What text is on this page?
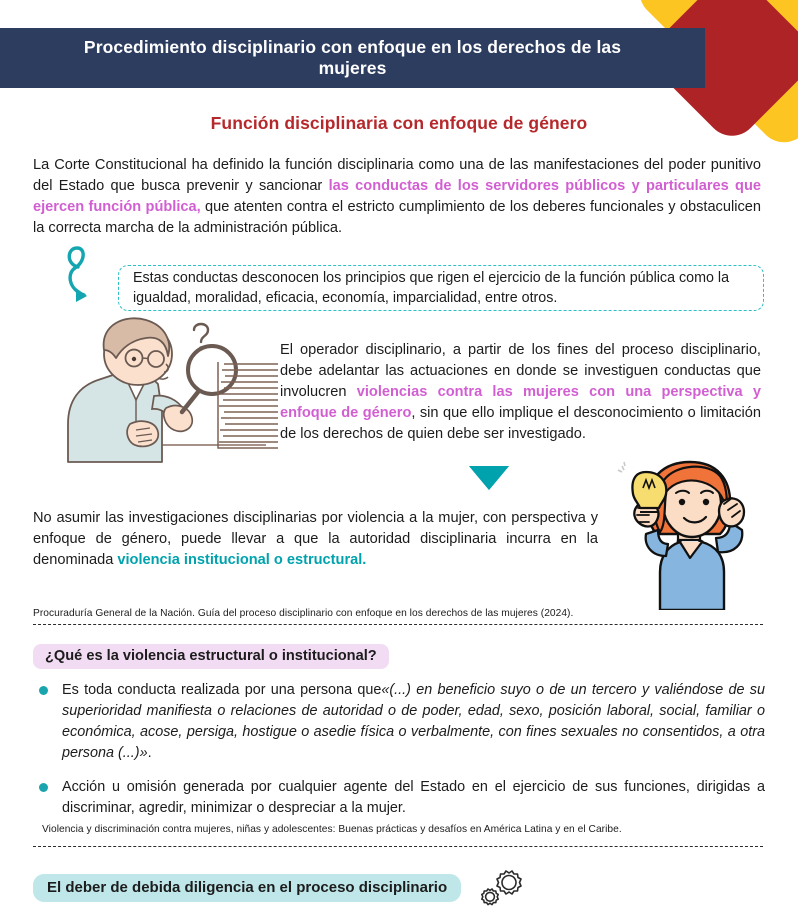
Procedimiento disciplinario con enfoque en los derechos de las mujeres
Función disciplinaria con enfoque de género
La Corte Constitucional ha definido la función disciplinaria como una de las manifestaciones del poder punitivo del Estado que busca prevenir y sancionar las conductas de los servidores públicos y particulares que ejercen función pública, que atenten contra el estricto cumplimiento de los deberes funcionales y obstaculicen la correcta marcha de la administración pública.

Estas conductas desconocen los principios que rigen el ejercicio de la función pública como la igualdad, moralidad, eficacia, economía, imparcialidad, entre otros.

El operador disciplinario, a partir de los fines del proceso disciplinario, debe adelantar las actuaciones en donde se investiguen conductas que involucren violencias contra las mujeres con una perspectiva y enfoque de género, sin que ello implique el desconocimiento o limitación de los derechos de quien debe ser investigado.
No asumir las investigaciones disciplinarias por violencia a la mujer, con perspectiva y enfoque de género, puede llevar a que la autoridad disciplinaria incurra en la denominada violencia institucional o estructural.
Procuraduría General de la Nación. Guía del proceso disciplinario con enfoque en los derechos de las mujeres (2024).
¿Qué es la violencia estructural o institucional?
Es toda conducta realizada por una persona que«(...) en beneficio suyo o de un tercero y valiéndose de su superioridad manifiesta o relaciones de autoridad o de poder, edad, sexo, posición laboral, social, familiar o económica, acose, persiga, hostigue o asedie física o verbalmente, con fines sexuales no consentidos, a otra persona (...)».
Acción u omisión generada por cualquier agente del Estado en el ejercicio de sus funciones, dirigidas a discriminar, agredir, minimizar o despreciar a la mujer.
Violencia y discriminación contra mujeres, niñas y adolescentes: Buenas prácticas y desafíos en América Latina y en el Caribe.
El deber de debida diligencia en el proceso disciplinario
